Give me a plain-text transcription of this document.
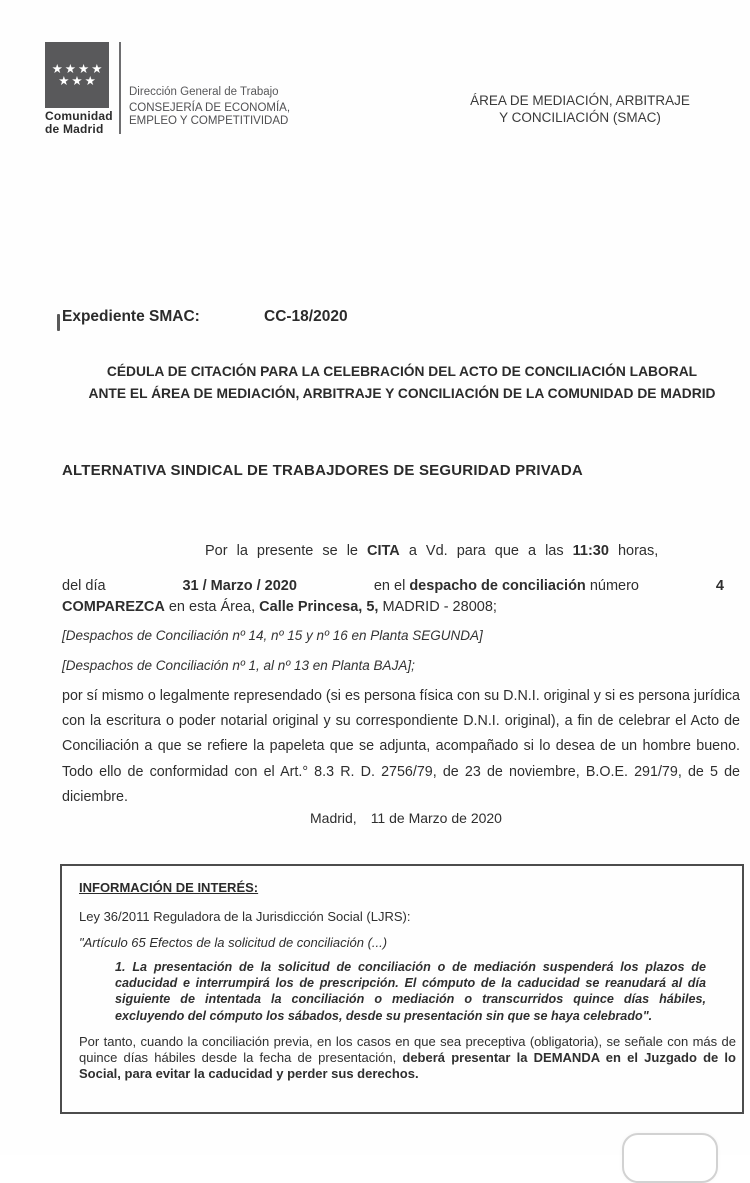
★★★★
★★★
Comunidad
de Madrid
Dirección General de Trabajo
CONSEJERÍA DE ECONOMÍA,
EMPLEO Y COMPETITIVIDAD
ÁREA DE MEDIACIÓN, ARBITRAJE
Y CONCILIACIÓN (SMAC)
Expediente SMAC:	CC-18/2020
CÉDULA DE CITACIÓN PARA LA CELEBRACIÓN DEL ACTO DE CONCILIACIÓN LABORAL
ANTE EL ÁREA DE MEDIACIÓN, ARBITRAJE Y CONCILIACIÓN DE LA COMUNIDAD DE MADRID
ALTERNATIVA SINDICAL DE TRABAJDORES DE SEGURIDAD PRIVADA
Por la presente se le CITA a Vd. para que a las 11:30 horas,
del día	31 / Marzo / 2020	en el despacho de conciliación número	4
COMPAREZCA en esta Área, Calle Princesa, 5, MADRID - 28008;
[Despachos de Conciliación nº 14, nº 15 y nº 16 en Planta SEGUNDA]
[Despachos de Conciliación nº 1, al nº 13 en Planta BAJA];
por sí mismo o legalmente represendado (si es persona física con su D.N.I. original y si es persona jurídica con la escritura o poder notarial original y su correspondiente D.N.I. original), a fin de celebrar el Acto de Conciliación a que se refiere la papeleta que se adjunta, acompañado si lo desea de un hombre bueno. Todo ello de conformidad con el Art.° 8.3 R. D. 2756/79, de 23 de noviembre, B.O.E. 291/79, de 5 de diciembre.
Madrid, 11 de Marzo de 2020
INFORMACIÓN DE INTERÉS:
Ley 36/2011 Reguladora de la Jurisdicción Social (LJRS):
"Artículo 65 Efectos de la solicitud de conciliación (...)
1. La presentación de la solicitud de conciliación o de mediación suspenderá los plazos de caducidad e interrumpirá los de prescripción. El cómputo de la caducidad se reanudará al día siguiente de intentada la conciliación o mediación o transcurridos quince días hábiles, excluyendo del cómputo los sábados, desde su presentación sin que se haya celebrado".
Por tanto, cuando la conciliación previa, en los casos en que sea preceptiva (obligatoria), se señale con más de quince días hábiles desde la fecha de presentación, deberá presentar la DEMANDA en el Juzgado de lo Social, para evitar la caducidad y perder sus derechos.
